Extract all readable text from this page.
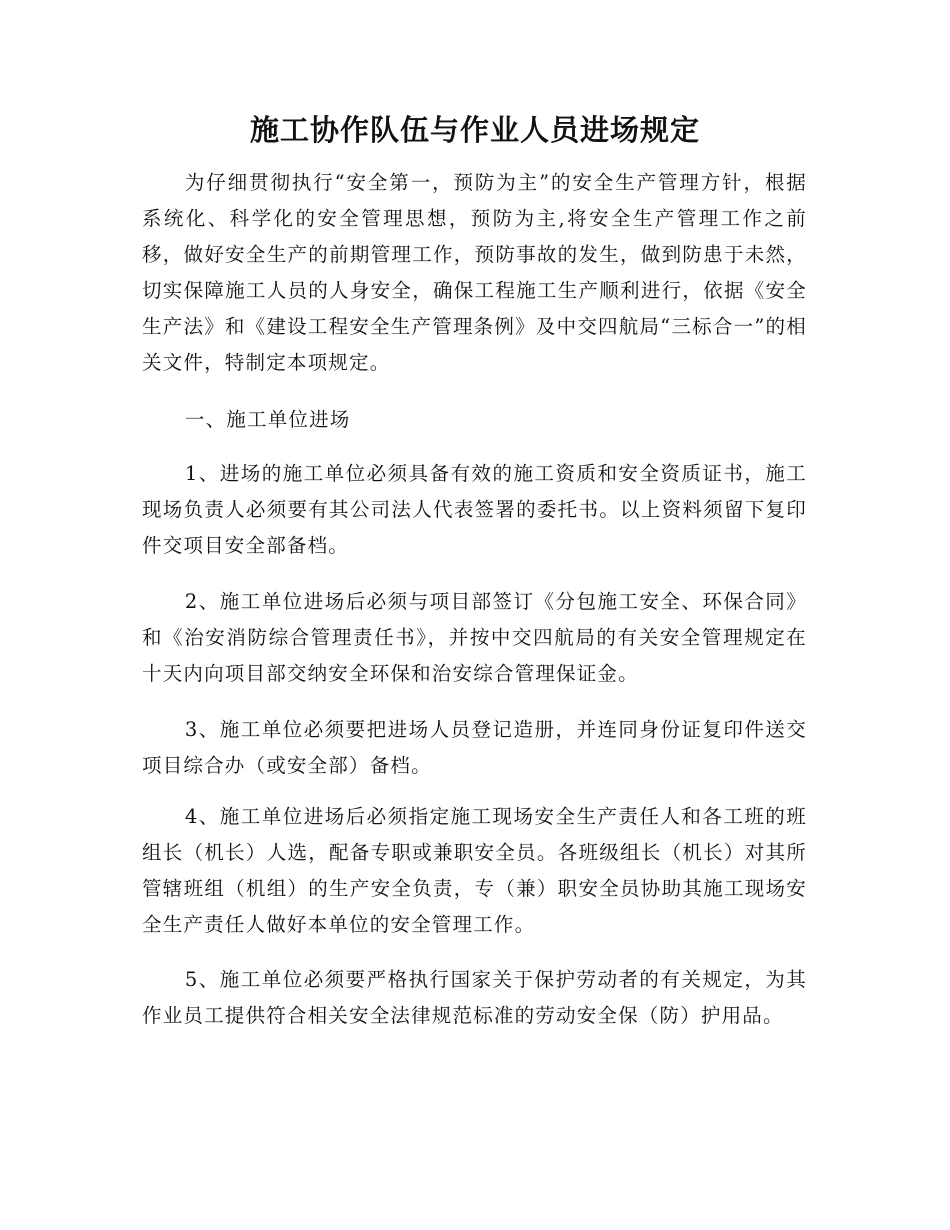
施工协作队伍与作业人员进场规定

为仔细贯彻执行“安全第一，预防为主”的安全生产管理方针，根据系统化、科学化的安全管理思想，预防为主,将安全生产管理工作之前移，做好安全生产的前期管理工作，预防事故的发生，做到防患于未然，切实保障施工人员的人身安全，确保工程施工生产顺利进行，依据《安全生产法》和《建设工程安全生产管理条例》及中交四航局“三标合一”的相关文件，特制定本项规定。

一、施工单位进场

1、进场的施工单位必须具备有效的施工资质和安全资质证书，施工现场负责人必须要有其公司法人代表签署的委托书。以上资料须留下复印件交项目安全部备档。

2、施工单位进场后必须与项目部签订《分包施工安全、环保合同》和《治安消防综合管理责任书》，并按中交四航局的有关安全管理规定在十天内向项目部交纳安全环保和治安综合管理保证金。

3、施工单位必须要把进场人员登记造册，并连同身份证复印件送交项目综合办（或安全部）备档。

4、施工单位进场后必须指定施工现场安全生产责任人和各工班的班组长（机长）人选，配备专职或兼职安全员。各班级组长（机长）对其所管辖班组（机组）的生产安全负责，专（兼）职安全员协助其施工现场安全生产责任人做好本单位的安全管理工作。

5、施工单位必须要严格执行国家关于保护劳动者的有关规定，为其作业员工提供符合相关安全法律规范标准的劳动安全保（防）护用品。
